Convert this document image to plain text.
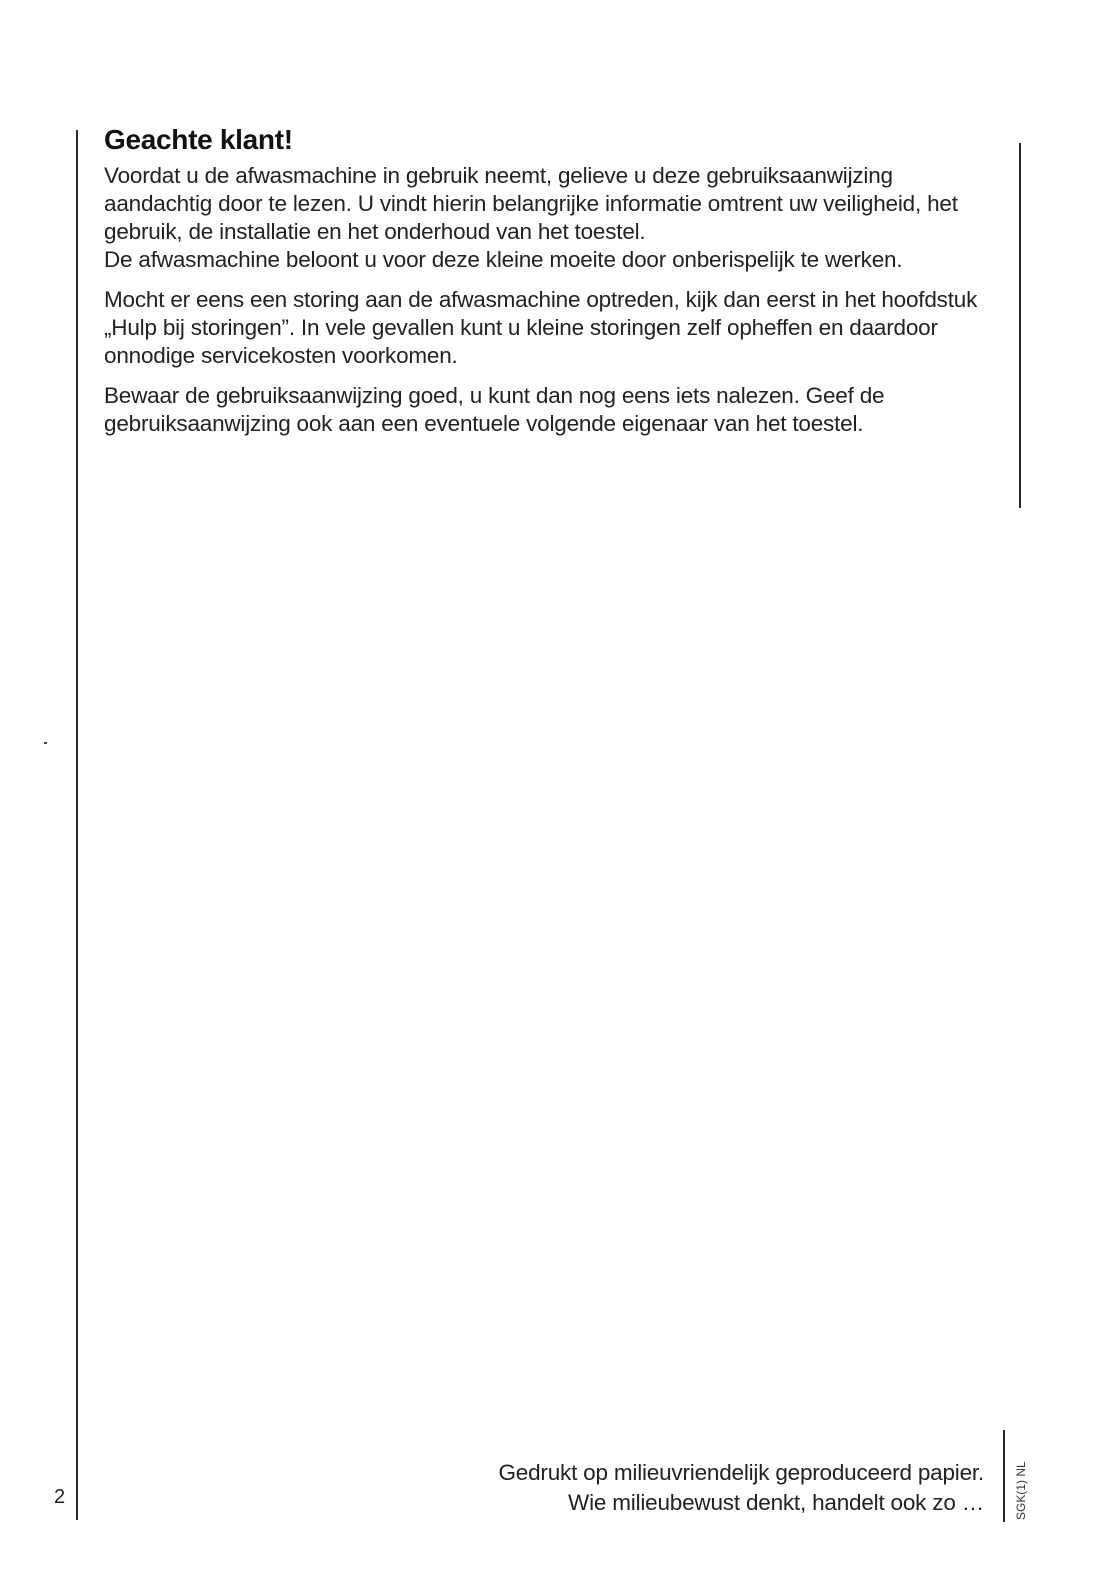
Geachte klant!

Voordat u de afwasmachine in gebruik neemt, gelieve u deze gebruiksaanwijzing aandachtig door te lezen. U vindt hierin belangrijke informatie omtrent uw veiligheid, het gebruik, de installatie en het onderhoud van het toestel.

De afwasmachine beloont u voor deze kleine moeite door onberispelijk te werken.

Mocht er eens een storing aan de afwasmachine optreden, kijk dan eerst in het hoofdstuk „Hulp bij storingen”. In vele gevallen kunt u kleine storingen zelf opheffen en daardoor onnodige servicekosten voorkomen.

Bewaar de gebruiksaanwijzing goed, u kunt dan nog eens iets nalezen. Geef de gebruiksaanwijzing ook aan een eventuele volgende eigenaar van het toestel.

Gedrukt op milieuvriendelijk geproduceerd papier.
Wie milieubewust denkt, handelt ook zo …
2	SGK(1) NL
